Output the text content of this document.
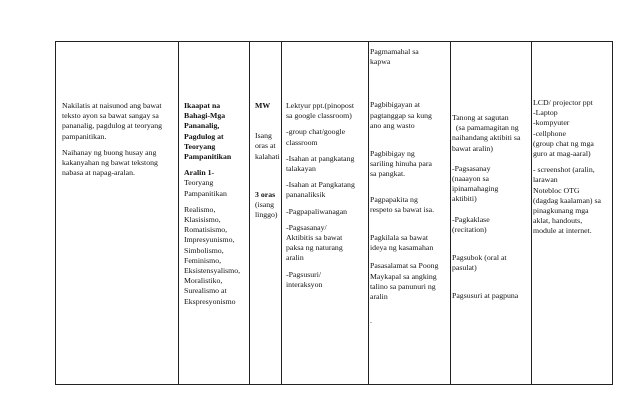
Nakilatis at naisunod ang bawat

teksto ayon sa bawat sangay sa

pananalig, pagdulog at teoryang

pampanitikan.

Naihanay ng buong husay ang

kakanyahan ng bawat tekstong

nabasa at napag-aralan.

Ikaapat na

Bahagi-Mga

Pananalig,

Pagdulog at

Teoryang

Pampanitikan

Aralin 1-

Teoryang

Pampanitikan

Realismo,

Klasisismo,

Romatisismo,

Impresyunismo,

Simbolismo,

Feminismo,

Eksistensyalismo,

Moralistiko,

Surealismo at

Ekspresyonismo

MW

Isang

oras at

kalahati

3 oras

(isang

linggo)

Lektyur ppt.(pinopost

sa google classroom)

-group chat/google

classroom

-Isahan at pangkatang

talakayan

-Isahan at Pangkatang

pananaliksik

-Pagpapaliwanagan

-Pagsasanay/

Aktibitis sa bawat

paksa ng naturang

aralin

-Pagsusuri/

interaksyon

Pagmamahal sa

kapwa

Pagbibigayan at

pagtanggap sa kung

ano ang wasto

Pagbibigay ng

sariling hinuha para

sa pangkat.

Pagpapakita ng

respeto sa bawat isa.

Pagkilala sa bawat

ideya ng kasamahan

Pasasalamat sa Poong

Maykapal sa angking

talino sa panunuri ng

aralin

.

Tanong at sagutan

(sa pamamagitan ng

naihandang aktibiti sa

bawat aralin)

-Pagsasanay

(naaayon sa

ipinamahaging

aktibiti)

-Pagkaklase

(recitation)

Pagsubok (oral at

pasulat)

Pagsusuri at pagpuna

LCD/ projector ppt

-Laptop

-kompyuter

-cellphone

(group chat ng mga

guro at mag-aaral)

- screenshot (aralin,

larawan

Notebloc OTG

(dagdag kaalaman) sa

pinagkunang mga

aklat, handouts,

module at internet.
